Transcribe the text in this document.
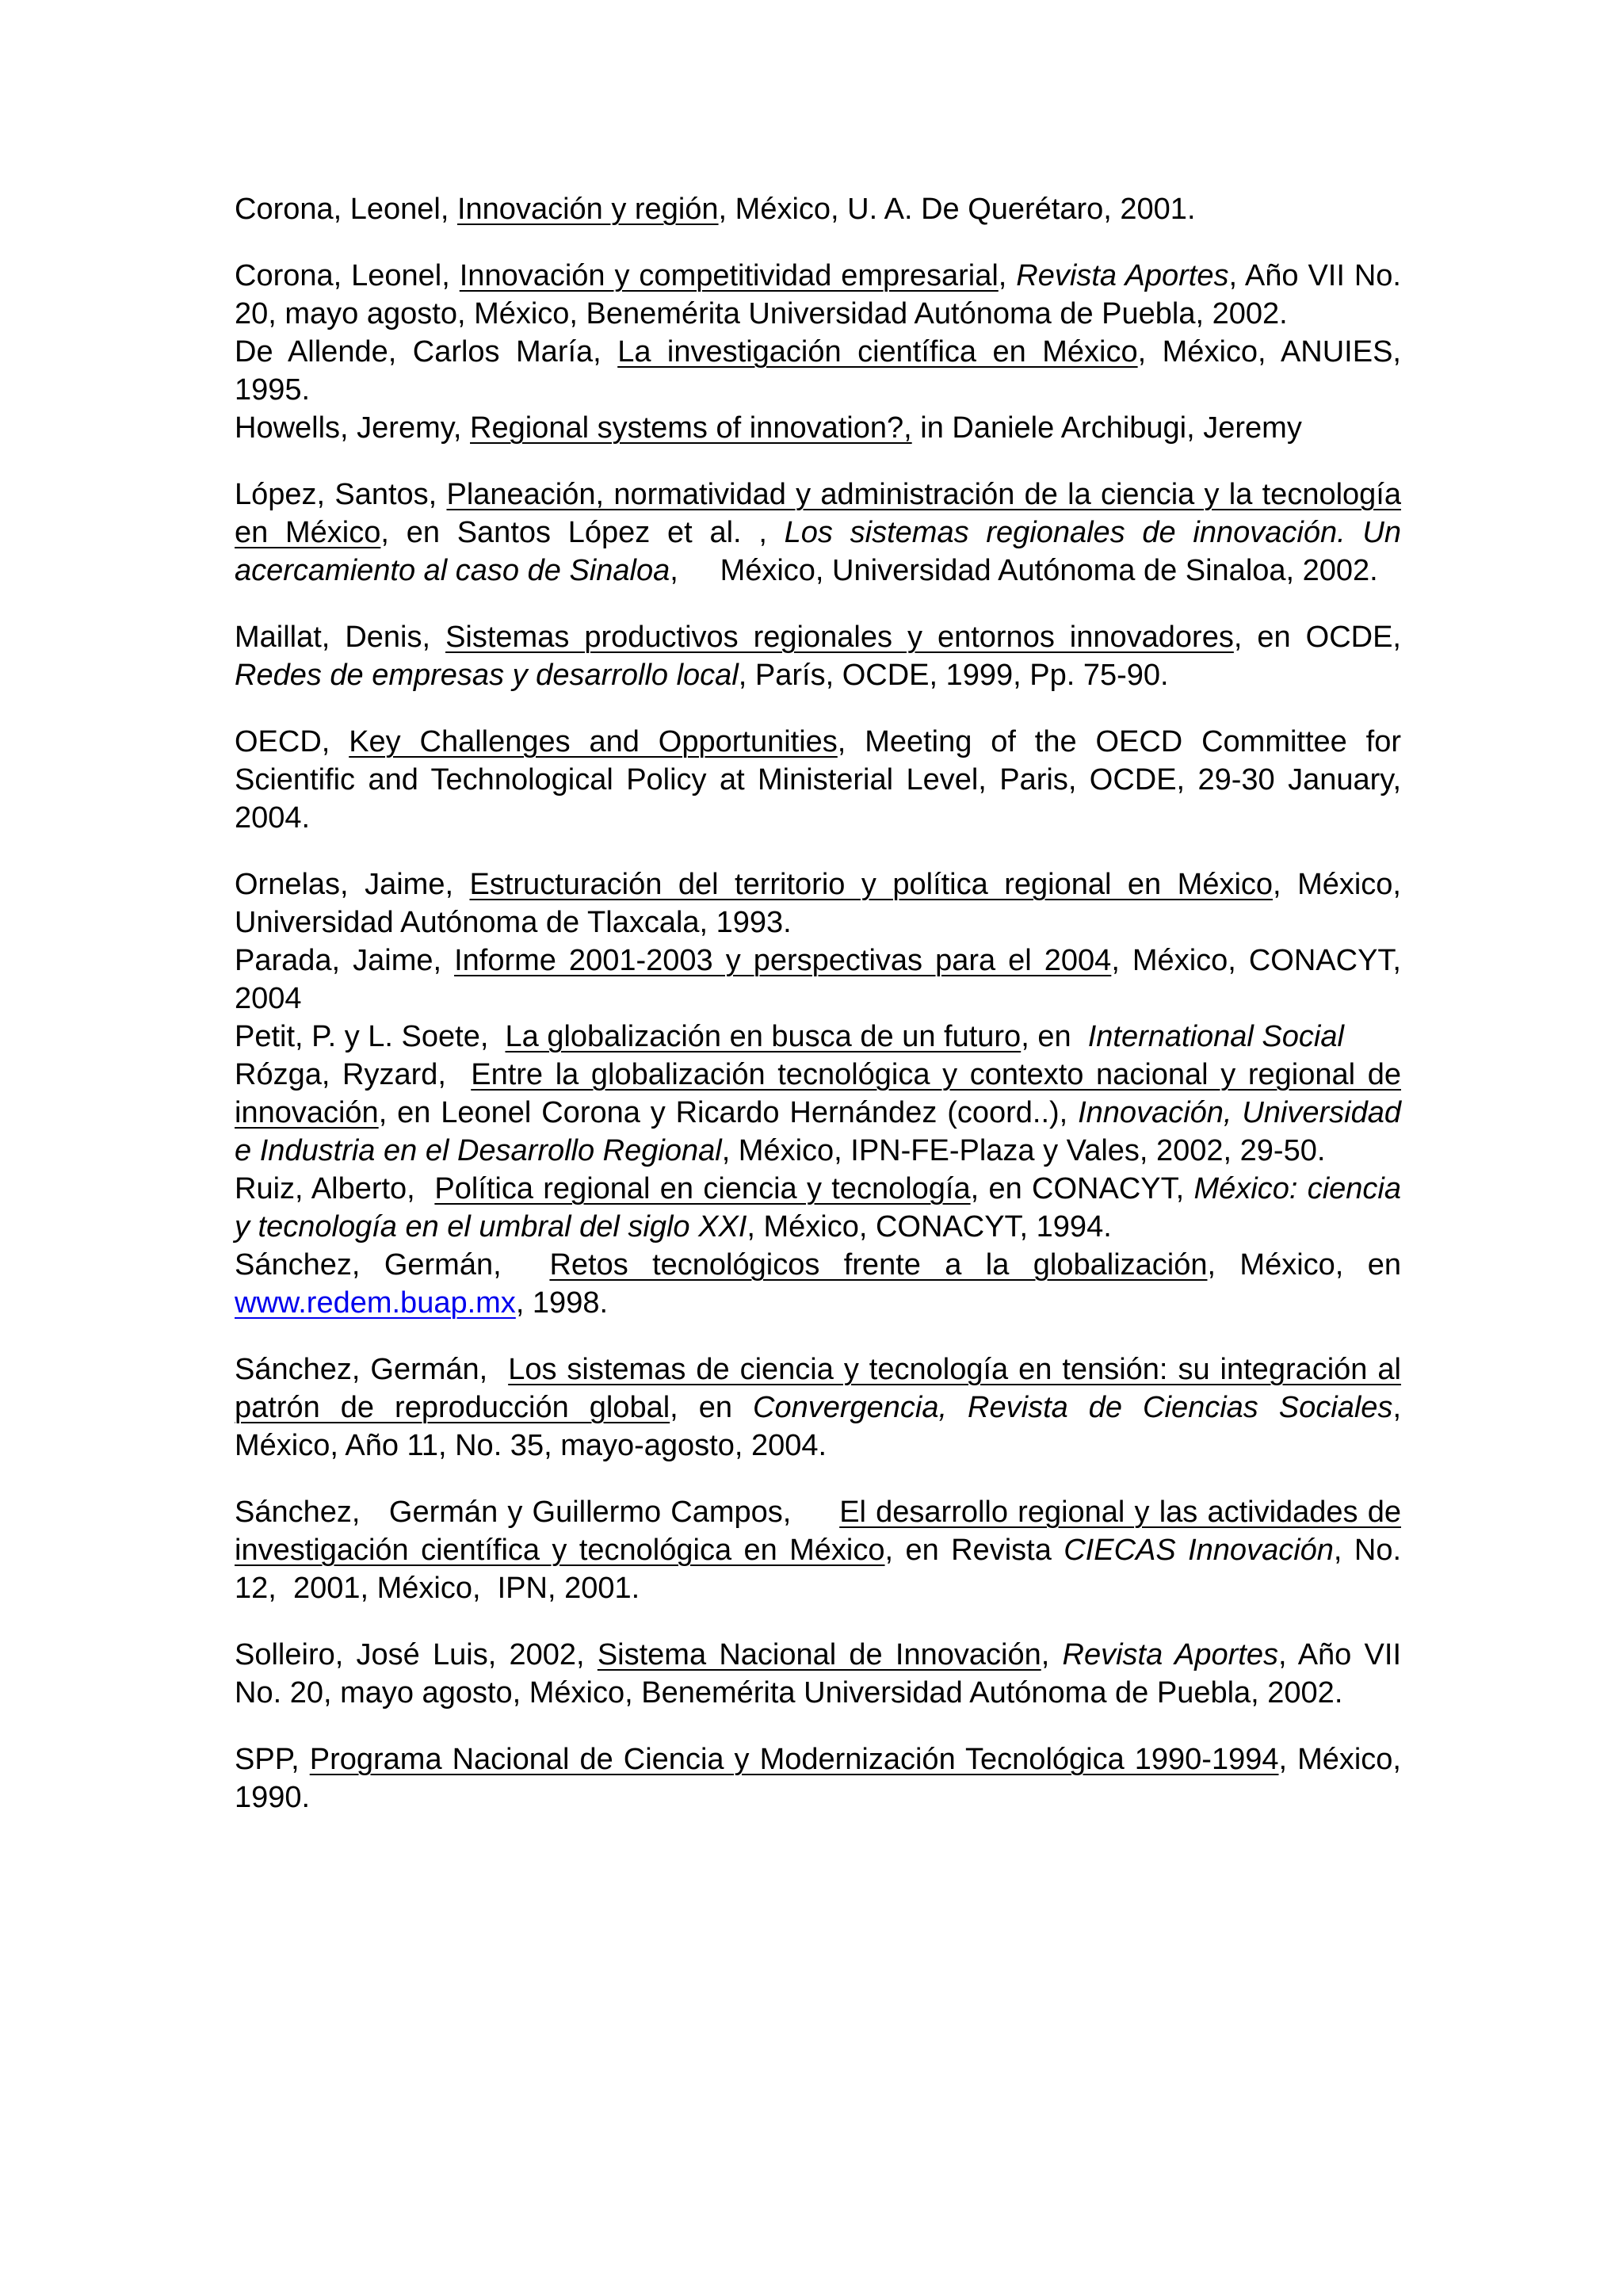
Corona, Leonel, Innovación y región, México, U. A. De Querétaro, 2001.

Corona, Leonel, Innovación y competitividad empresarial, Revista Aportes, Año VII No. 20, mayo agosto, México, Benemérita Universidad Autónoma de Puebla, 2002.

De Allende, Carlos María, La investigación científica en México, México, ANUIES, 1995.

Howells, Jeremy, Regional systems of innovation?, in Daniele Archibugi, Jeremy

López, Santos, Planeación, normatividad y administración de la ciencia y la tecnología en México, en Santos López et al. , Los sistemas regionales de innovación. Un acercamiento al caso de Sinaloa,     México, Universidad Autónoma de Sinaloa, 2002.

Maillat, Denis, Sistemas productivos regionales y entornos innovadores, en OCDE, Redes de empresas y desarrollo local, París, OCDE, 1999, Pp. 75-90.

OECD, Key Challenges and Opportunities, Meeting of the OECD Committee for Scientific and Technological Policy at Ministerial Level, Paris, OCDE, 29-30 January, 2004.

Ornelas, Jaime, Estructuración del territorio y política regional en México, México, Universidad Autónoma de Tlaxcala, 1993.

Parada, Jaime, Informe 2001-2003 y perspectivas para el 2004, México, CONACYT, 2004

Petit, P. y L. Soete,  La globalización en busca de un futuro, en  International Social

Rózga, Ryzard,  Entre la globalización tecnológica y contexto nacional y regional de innovación, en Leonel Corona y Ricardo Hernández (coord..), Innovación, Universidad e Industria en el Desarrollo Regional, México, IPN-FE-Plaza y Vales, 2002, 29-50.

Ruiz, Alberto,  Política regional en ciencia y tecnología, en CONACYT, México: ciencia y tecnología en el umbral del siglo XXI, México, CONACYT, 1994.

Sánchez, Germán,  Retos tecnológicos frente a la globalización, México, en www.redem.buap.mx, 1998.

Sánchez, Germán,  Los sistemas de ciencia y tecnología en tensión: su integración al patrón de reproducción global, en Convergencia, Revista de Ciencias Sociales, México, Año 11, No. 35, mayo-agosto, 2004.

Sánchez,   Germán y Guillermo Campos,     El desarrollo regional y las actividades de investigación científica y tecnológica en México, en Revista CIECAS Innovación, No. 12,  2001, México,  IPN, 2001.

Solleiro, José Luis, 2002, Sistema Nacional de Innovación, Revista Aportes, Año VII No. 20, mayo agosto, México, Benemérita Universidad Autónoma de Puebla, 2002.

SPP, Programa Nacional de Ciencia y Modernización Tecnológica 1990-1994, México, 1990.
